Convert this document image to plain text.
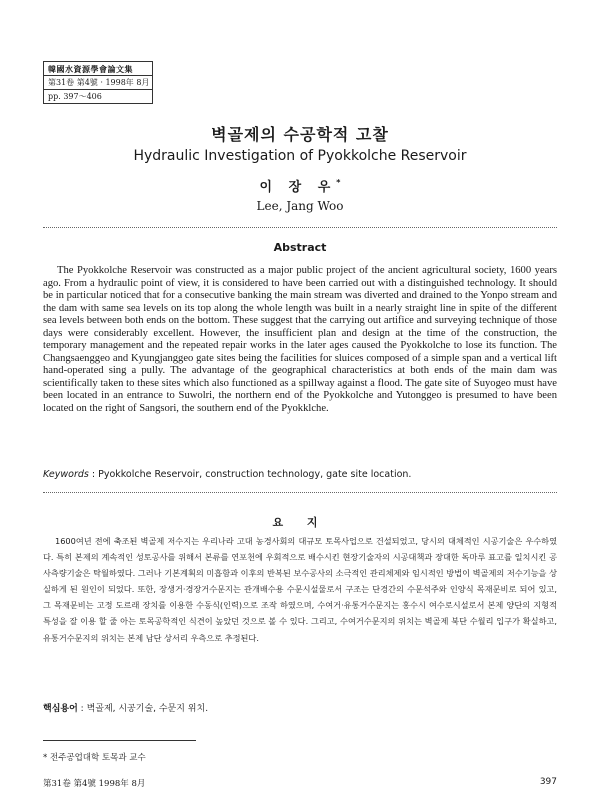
韓國水資源學會論文集
第31卷 第4號 · 1998年 8月
pp. 397～406
벽골제의 수공학적 고찰
Hydraulic Investigation of Pyokkolche Reservoir
이 장 우*
Lee, Jang Woo
Abstract

The Pyokkolche Reservoir was constructed as a major public project of the ancient agricultural society, 1600 years ago. From a hydraulic point of view, it is considered to have been carried out with a distinguished technology. It should be in particular noticed that for a consecutive banking the main stream was diverted and drained to the Yonpo stream and the dam with same sea levels on its top along the whole length was built in a nearly straight line in spite of the different sea levels between both ends on the bottom. These suggest that the carrying out artifice and surveying technique of those days were considerably excellent. However, the insufficient plan and design at the time of the construction, the temporary management and the repeated repair works in the later ages caused the Pyokkolche to lose its function. The Changsaenggeo and Kyungjanggeo gate sites being the facilities for sluices composed of a simple span and a vertical lift hand-operated sing a pully. The advantage of the geographical characteristics at both ends of the main dam was scientifically taken to these sites which also functioned as a spillway against a flood. The gate site of Suyogeo must have been located in an entrance to Suwolri, the northern end of the Pyokkolche and Yutonggeo is presumed to have been located on the right of Sangsori, the southern end of the Pyokklche.

Keywords : Pyokkolche Reservoir, construction technology, gate site location.
요 지

1600여년 전에 축조된 벽골제 저수지는 우리나라 고대 농경사회의 대규모 토목사업으로 건설되었고, 당시의 대체적인 시공기술은 우수하였다. 특히 본제의 계속적인 성토공사를 위해서 본류를 연포천에 우회적으로 배수시킨 현장기술자의 시공대책과 장대한 독마루 표고를 일치시킨 공사측량기술은 탁월하였다. 그러나 기본계획의 미흡함과 이후의 반복된 보수공사의 소극적인 관리체제와 임시적인 방법이 벽골제의 저수기능을 상실하게 된 원인이 되었다. 또한, 장생거·경장거수문지는 관개배수용 수문시설물로서 구조는 단경간의 수문석주와 인양식 목재문비로 되어 있고, 그 목재문비는 고정 도르래 장치를 이용한 수동식(인력)으로 조작 하였으며, 수여거·유통거수문지는 홍수시 여수로시설로서 본제 양단의 지형적 특성을 잘 이용 할 줄 아는 토목공학적인 식견이 높았던 것으로 볼 수 있다. 그리고, 수여거수문지의 위치는 벽골제 북단 수월리 입구가 확실하고, 유통거수문지의 위치는 본제 남단 상서리 우측으로 추정된다.

핵심용어 : 벽골제, 시공기술, 수문지 위치.
* 전주공업대학 토목과 교수
第31卷 第4號 1998年 8月	397
